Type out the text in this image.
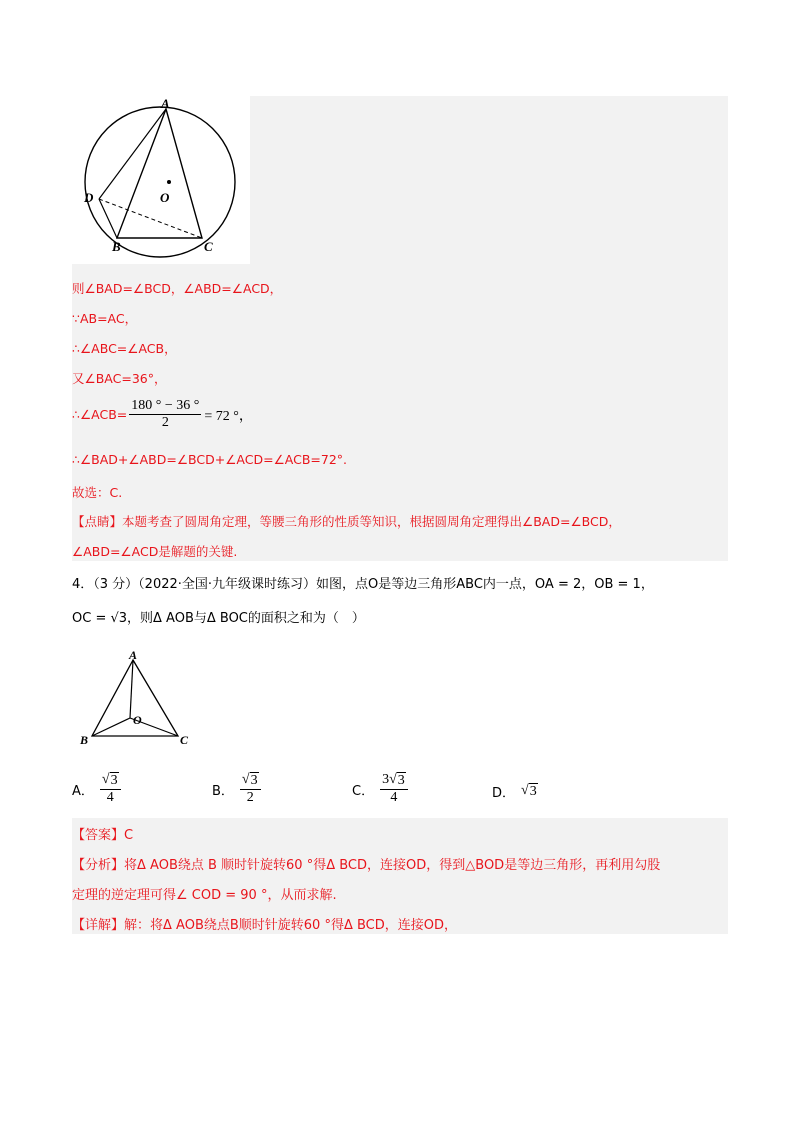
A
D	O
B	C
则∠BAD=∠BCD，∠ABD=∠ACD，
∵AB=AC，
∴∠ABC=∠ACB，
又∠BAC=36°，
∴∠ACB= $\frac{180 ^\circ - 36 ^\circ}{2} = 72$ °，
∴∠BAD+∠ABD=∠BCD+∠ACD=∠ACB=72°.
故选：C.
【点睛】本题考查了圆周角定理，等腰三角形的性质等知识，根据圆周角定理得出∠BAD=∠BCD，
∠ABD=∠ACD是解题的关键.
4．（3 分）（2022·全国·九年级课时练习）如图，点O是等边三角形ABC内一点，OA = 2，OB = 1，
OC = √3，则Δ AOB与Δ BOC的面积之和为（　）
A
O
B	C
A． $\frac{√ 3}{4}$	B． $\frac{√ 3}{2}$	C． $\frac{3 √ 3}{4}$	D． √ 3
【答案】C
【分析】将Δ AOB绕点 B 顺时针旋转60 °得Δ BCD，连接OD，得到△BOD是等边三角形，再利用勾股
定理的逆定理可得∠ COD = 90 °，从而求解.
【详解】解：将Δ AOB绕点B顺时针旋转60 °得Δ BCD，连接OD，
